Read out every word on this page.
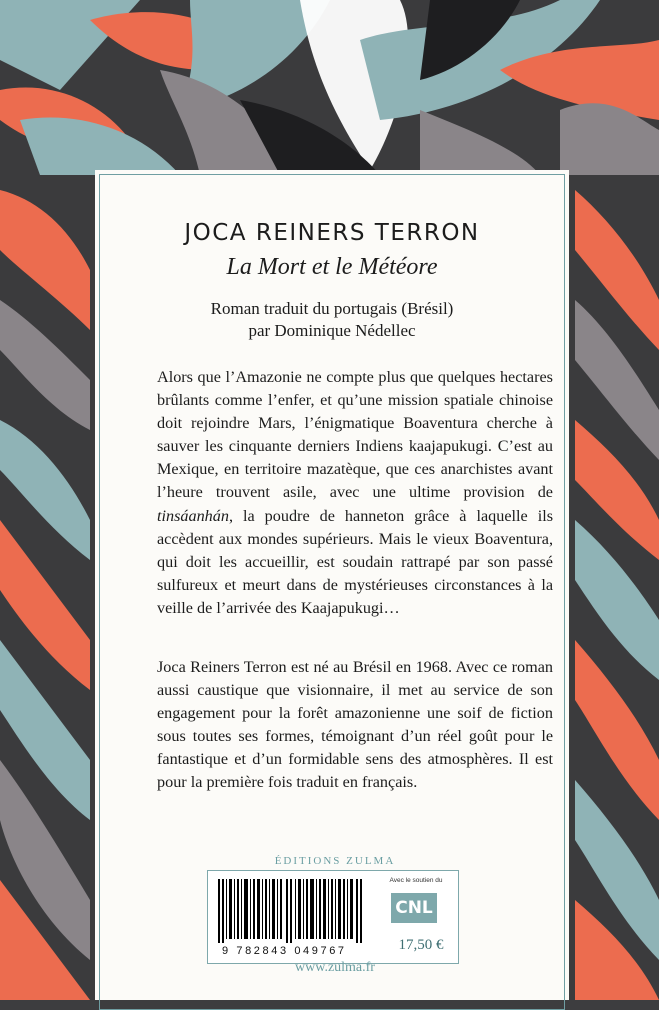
JOCA REINERS TERRON
La Mort et le Météore
Roman traduit du portugais (Brésil)
par Dominique Nédellec
Alors que l’Amazonie ne compte plus que quelques hectares brûlants comme l’enfer, et qu’une mission spatiale chinoise doit rejoindre Mars, l’énigmatique Boaventura cherche à sauver les cinquante derniers Indiens kaajapukugi. C’est au Mexique, en territoire mazatèque, que ces anarchistes avant l’heure trouvent asile, avec une ultime provision de tinsáanhán, la poudre de hanneton grâce à laquelle ils accèdent aux mondes supérieurs. Mais le vieux Boaventura, qui doit les accueillir, est soudain rattrapé par son passé sulfureux et meurt dans de mystérieuses circonstances à la veille de l’arrivée des Kaajapukugi…
Joca Reiners Terron est né au Brésil en 1968. Avec ce roman aussi caustique que visionnaire, il met au service de son engagement pour la forêt amazonienne une soif de fiction sous toutes ses formes, témoignant d’un réel goût pour le fantastique et d’un formidable sens des atmosphères. Il est pour la première fois traduit en français.
ÉDITIONS ZULMA
9 782843 049767
Avec le soutien du
CNL
17,50 €
www.zulma.fr
